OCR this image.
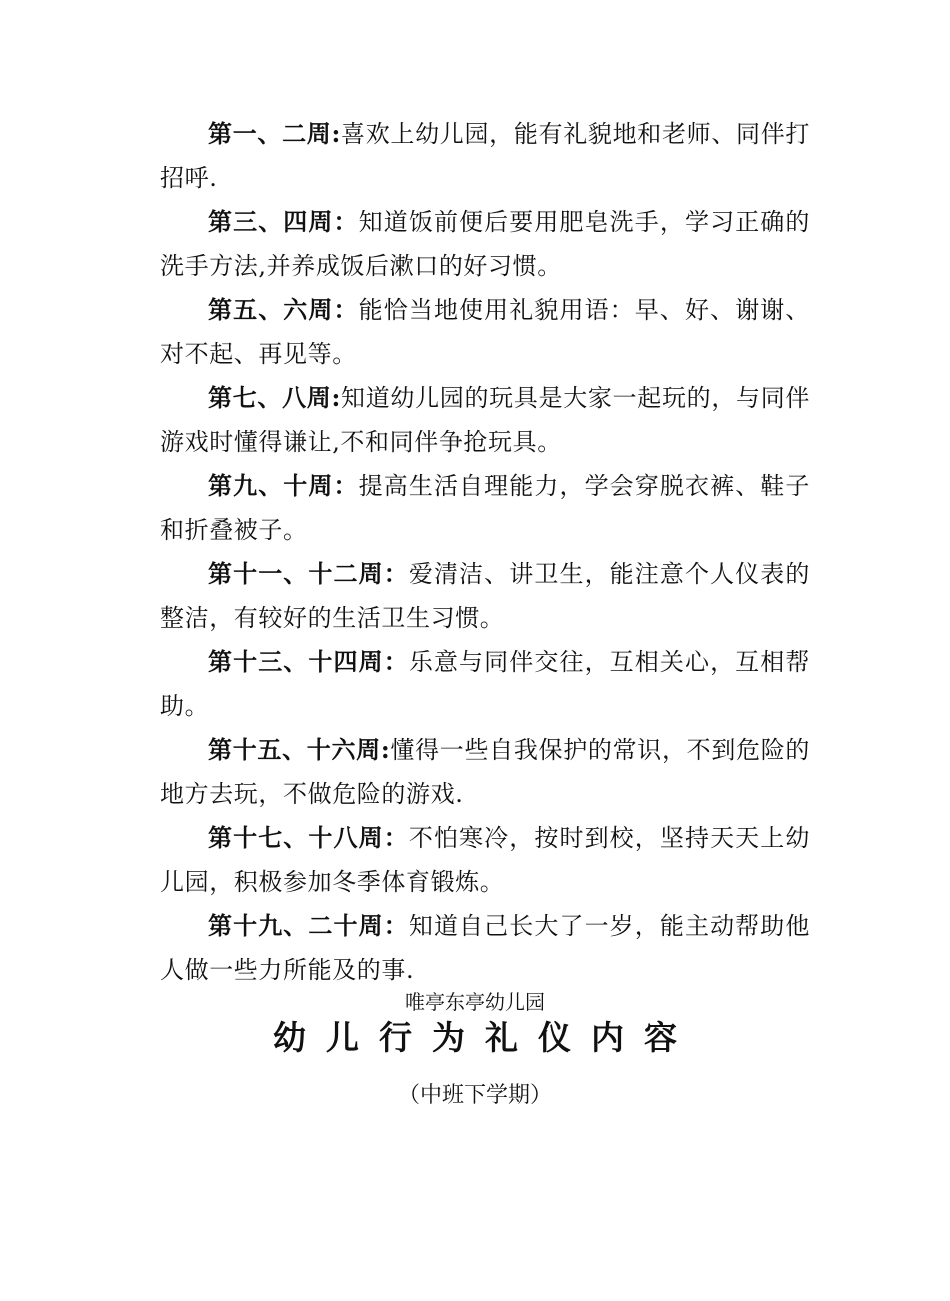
第一、二周:喜欢上幼儿园，能有礼貌地和老师、同伴打招呼.

第三、四周：知道饭前便后要用肥皂洗手，学习正确的洗手方法,并养成饭后漱口的好习惯。

第五、六周：能恰当地使用礼貌用语：早、好、谢谢、对不起、再见等。

第七、八周:知道幼儿园的玩具是大家一起玩的，与同伴游戏时懂得谦让,不和同伴争抢玩具。

第九、十周：提高生活自理能力，学会穿脱衣裤、鞋子和折叠被子。

第十一、十二周：爱清洁、讲卫生，能注意个人仪表的整洁，有较好的生活卫生习惯。

第十三、十四周：乐意与同伴交往，互相关心，互相帮助。

第十五、十六周:懂得一些自我保护的常识，不到危险的地方去玩，不做危险的游戏.

第十七、十八周：不怕寒冷，按时到校，坚持天天上幼儿园，积极参加冬季体育锻炼。

第十九、二十周：知道自己长大了一岁，能主动帮助他人做一些力所能及的事.

唯亭东亭幼儿园
幼儿行为礼仪内容
（中班下学期）
